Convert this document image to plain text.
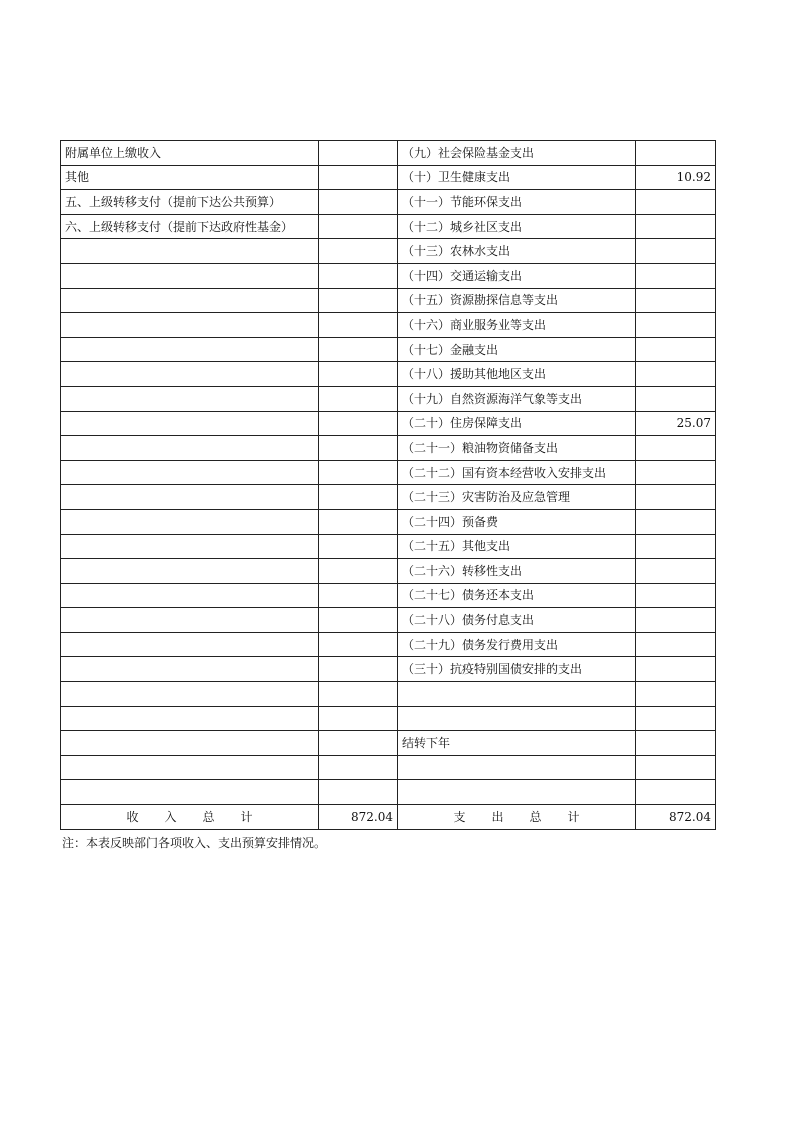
附属单位上缴收入		（九）社会保险基金支出	
其他		（十）卫生健康支出	10.92
五、上级转移支付（提前下达公共预算）		（十一）节能环保支出	
六、上级转移支付（提前下达政府性基金）		（十二）城乡社区支出	
		（十三）农林水支出	
		（十四）交通运输支出	
		（十五）资源勘探信息等支出	
		（十六）商业服务业等支出	
		（十七）金融支出	
		（十八）援助其他地区支出	
		（十九）自然资源海洋气象等支出	
		（二十）住房保障支出	25.07
		（二十一）粮油物资储备支出	
		（二十二）国有资本经营收入安排支出	
		（二十三）灾害防治及应急管理	
		（二十四）预备费	
		（二十五）其他支出	
		（二十六）转移性支出	
		（二十七）债务还本支出	
		（二十八）债务付息支出	
		（二十九）债务发行费用支出	
		（三十）抗疫特别国债安排的支出	

		结转下年	

收 入 总 计	872.04	支 出 总 计	872.04
注：本表反映部门各项收入、支出预算安排情况。
